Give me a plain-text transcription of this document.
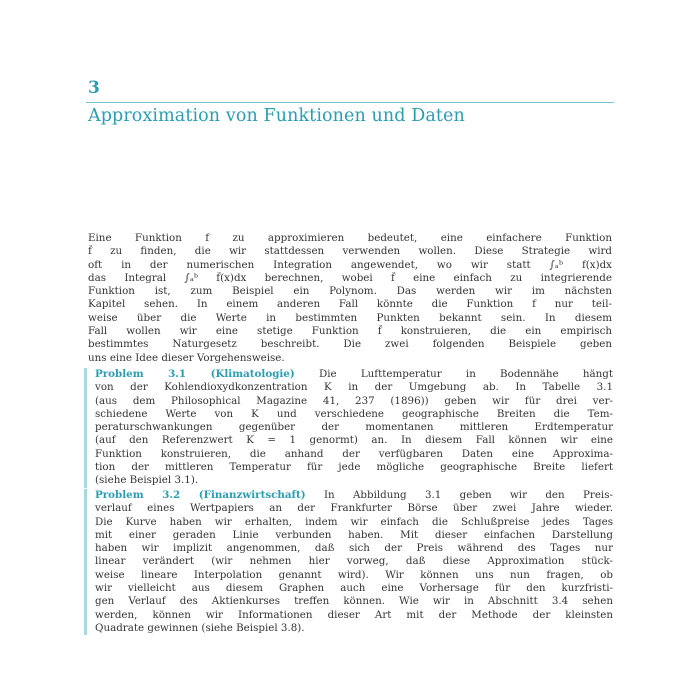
3
Approximation von Funktionen und Daten
Eine Funktion f zu approximieren bedeutet, eine einfachere Funktion
f̃ zu finden, die wir stattdessen verwenden wollen. Diese Strategie wird
oft in der numerischen Integration angewendet, wo wir statt ∫ₐᵇ f(x)dx
das Integral ∫ₐᵇ f̃(x)dx berechnen, wobei f̃ eine einfach zu integrierende
Funktion ist, zum Beispiel ein Polynom. Das werden wir im nächsten
Kapitel sehen. In einem anderen Fall könnte die Funktion f nur teil-
weise über die Werte in bestimmten Punkten bekannt sein. In diesem
Fall wollen wir eine stetige Funktion f̃ konstruieren, die ein empirisch
bestimmtes Naturgesetz beschreibt. Die zwei folgenden Beispiele geben
uns eine Idee dieser Vorgehensweise.
Problem 3.1 (Klimatologie) Die Lufttemperatur in Bodennähe hängt
von der Kohlendioxydkonzentration K in der Umgebung ab. In Tabelle 3.1
(aus dem Philosophical Magazine 41, 237 (1896)) geben wir für drei ver-
schiedene Werte von K und verschiedene geographische Breiten die Tem-
peraturschwankungen gegenüber der momentanen mittleren Erdtemperatur
(auf den Referenzwert K = 1 genormt) an. In diesem Fall können wir eine
Funktion konstruieren, die anhand der verfügbaren Daten eine Approxima-
tion der mittleren Temperatur für jede mögliche geographische Breite liefert
(siehe Beispiel 3.1).
Problem 3.2 (Finanzwirtschaft) In Abbildung 3.1 geben wir den Preis-
verlauf eines Wertpapiers an der Frankfurter Börse über zwei Jahre wieder.
Die Kurve haben wir erhalten, indem wir einfach die Schlußpreise jedes Tages
mit einer geraden Linie verbunden haben. Mit dieser einfachen Darstellung
haben wir implizit angenommen, daß sich der Preis während des Tages nur
linear verändert (wir nehmen hier vorweg, daß diese Approximation stück-
weise lineare Interpolation genannt wird). Wir können uns nun fragen, ob
wir vielleicht aus diesem Graphen auch eine Vorhersage für den kurzfristi-
gen Verlauf des Aktienkurses treffen können. Wie wir in Abschnitt 3.4 sehen
werden, können wir Informationen dieser Art mit der Methode der kleinsten
Quadrate gewinnen (siehe Beispiel 3.8).
